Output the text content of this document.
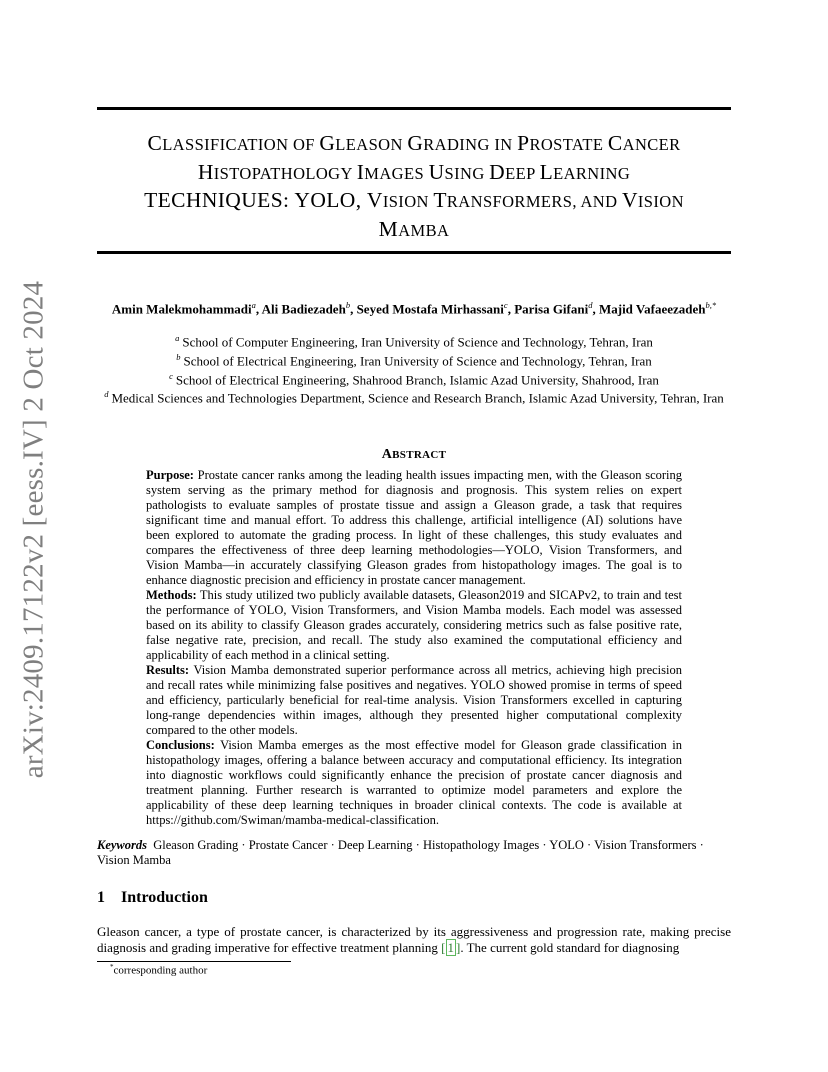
arXiv:2409.17122v2 [eess.IV] 2 Oct 2024
CLASSIFICATION OF GLEASON GRADING IN PROSTATE CANCER
HISTOPATHOLOGY IMAGES USING DEEP LEARNING
TECHNIQUES: YOLO, VISION TRANSFORMERS, AND VISION
MAMBA
Amin Malekmohammadi$^a$, Ali Badiezadeh$^b$, Seyed Mostafa Mirhassani$^c$, Parisa Gifani$^d$, Majid Vafaeezadeh$^{b,*}$
$^a$ School of Computer Engineering, Iran University of Science and Technology, Tehran, Iran
$^b$ School of Electrical Engineering, Iran University of Science and Technology, Tehran, Iran
$^c$ School of Electrical Engineering, Shahrood Branch, Islamic Azad University, Shahrood, Iran
$^d$ Medical Sciences and Technologies Department, Science and Research Branch, Islamic Azad University, Tehran, Iran
ABSTRACT

Purpose: Prostate cancer ranks among the leading health issues impacting men, with the Gleason scoring system serving as the primary method for diagnosis and prognosis. This system relies on expert pathologists to evaluate samples of prostate tissue and assign a Gleason grade, a task that requires significant time and manual effort. To address this challenge, artificial intelligence (AI) solutions have been explored to automate the grading process. In light of these challenges, this study evaluates and compares the effectiveness of three deep learning methodologies—YOLO, Vision Transformers, and Vision Mamba—in accurately classifying Gleason grades from histopathology images. The goal is to enhance diagnostic precision and efficiency in prostate cancer management.

Methods: This study utilized two publicly available datasets, Gleason2019 and SICAPv2, to train and test the performance of YOLO, Vision Transformers, and Vision Mamba models. Each model was assessed based on its ability to classify Gleason grades accurately, considering metrics such as false positive rate, false negative rate, precision, and recall. The study also examined the computational efficiency and applicability of each method in a clinical setting.

Results: Vision Mamba demonstrated superior performance across all metrics, achieving high precision and recall rates while minimizing false positives and negatives. YOLO showed promise in terms of speed and efficiency, particularly beneficial for real-time analysis. Vision Transformers excelled in capturing long-range dependencies within images, although they presented higher computational complexity compared to the other models.

Conclusions: Vision Mamba emerges as the most effective model for Gleason grade classification in histopathology images, offering a balance between accuracy and computational efficiency. Its integration into diagnostic workflows could significantly enhance the precision of prostate cancer diagnosis and treatment planning. Further research is warranted to optimize model parameters and explore the applicability of these deep learning techniques in broader clinical contexts. The code is available at https://github.com/Swiman/mamba-medical-classification.

Keywords Gleason Grading · Prostate Cancer · Deep Learning · Histopathology Images · YOLO · Vision Transformers · Vision Mamba
1 Introduction
Gleason cancer, a type of prostate cancer, is characterized by its aggressiveness and progression rate, making precise diagnosis and grading imperative for effective treatment planning [ 1 ]. The current gold standard for diagnosing
*corresponding author
